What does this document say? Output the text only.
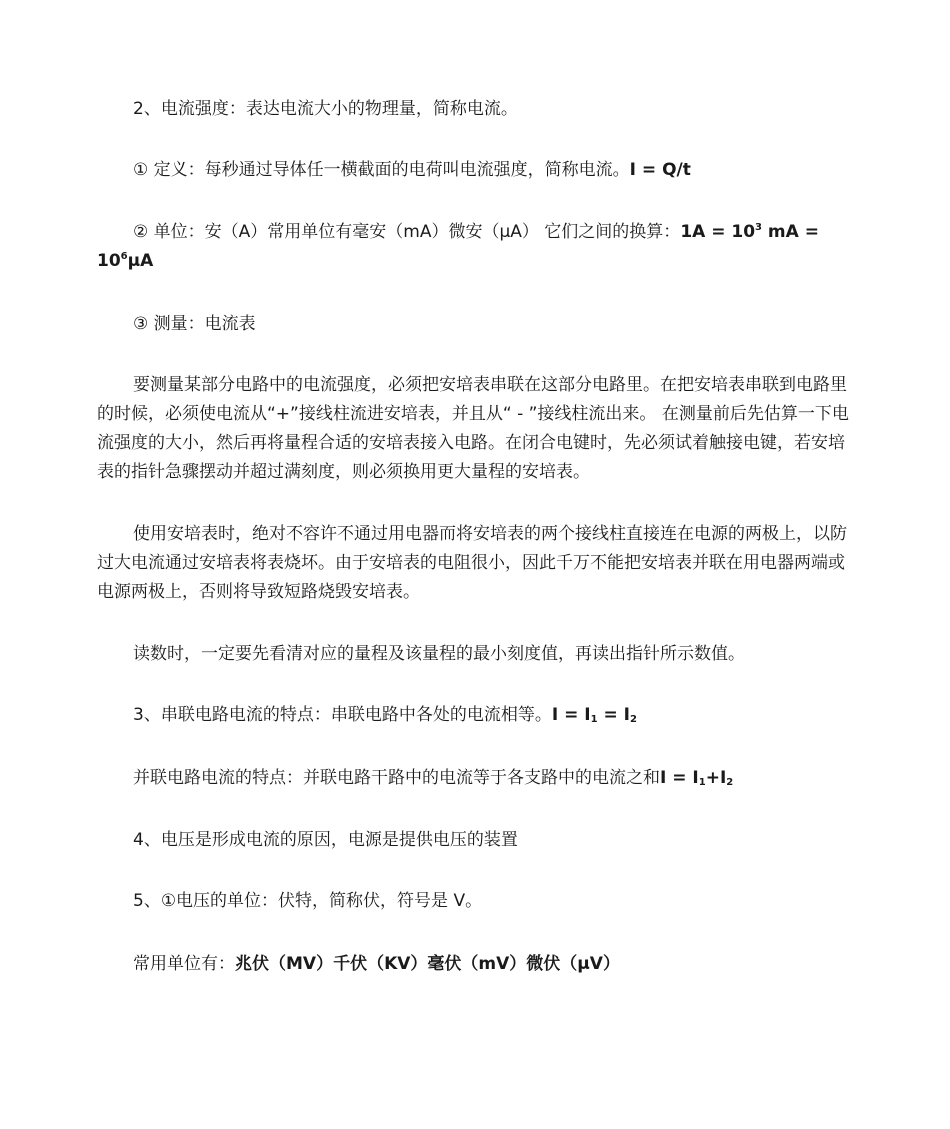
2、电流强度：表达电流大小的物理量，简称电流。

① 定义：每秒通过导体任一横截面的电荷叫电流强度，简称电流。I = Q/t

② 单位：安（A）常用单位有毫安（mA）微安（μA） 它们之间的换算：$1A = 10^3$ mA = $10^6\mu A$

③ 测量：电流表

要测量某部分电路中的电流强度，必须把安培表串联在这部分电路里。在把安培表串联到电路里的时候，必须使电流从“+”接线柱流进安培表，并且从“ - ”接线柱流出来。 在测量前后先估算一下电流强度的大小，然后再将量程合适的安培表接入电路。在闭合电键时，先必须试着触接电键，若安培表的指针急骤摆动并超过满刻度，则必须换用更大量程的安培表。

使用安培表时，绝对不容许不通过用电器而将安培表的两个接线柱直接连在电源的两极上，以防过大电流通过安培表将表烧坏。由于安培表的电阻很小，因此千万不能把安培表并联在用电器两端或电源两极上，否则将导致短路烧毁安培表。

读数时，一定要先看清对应的量程及该量程的最小刻度值，再读出指针所示数值。

3、串联电路电流的特点：串联电路中各处的电流相等。$I = I_1 = I_2$

并联电路电流的特点：并联电路干路中的电流等于各支路中的电流之和$I = I_1+I_2$

4、电压是形成电流的原因，电源是提供电压的装置

5、①电压的单位：伏特，简称伏，符号是 V。

常用单位有：兆伏（MV）千伏（KV）毫伏（mV）微伏（μV）
